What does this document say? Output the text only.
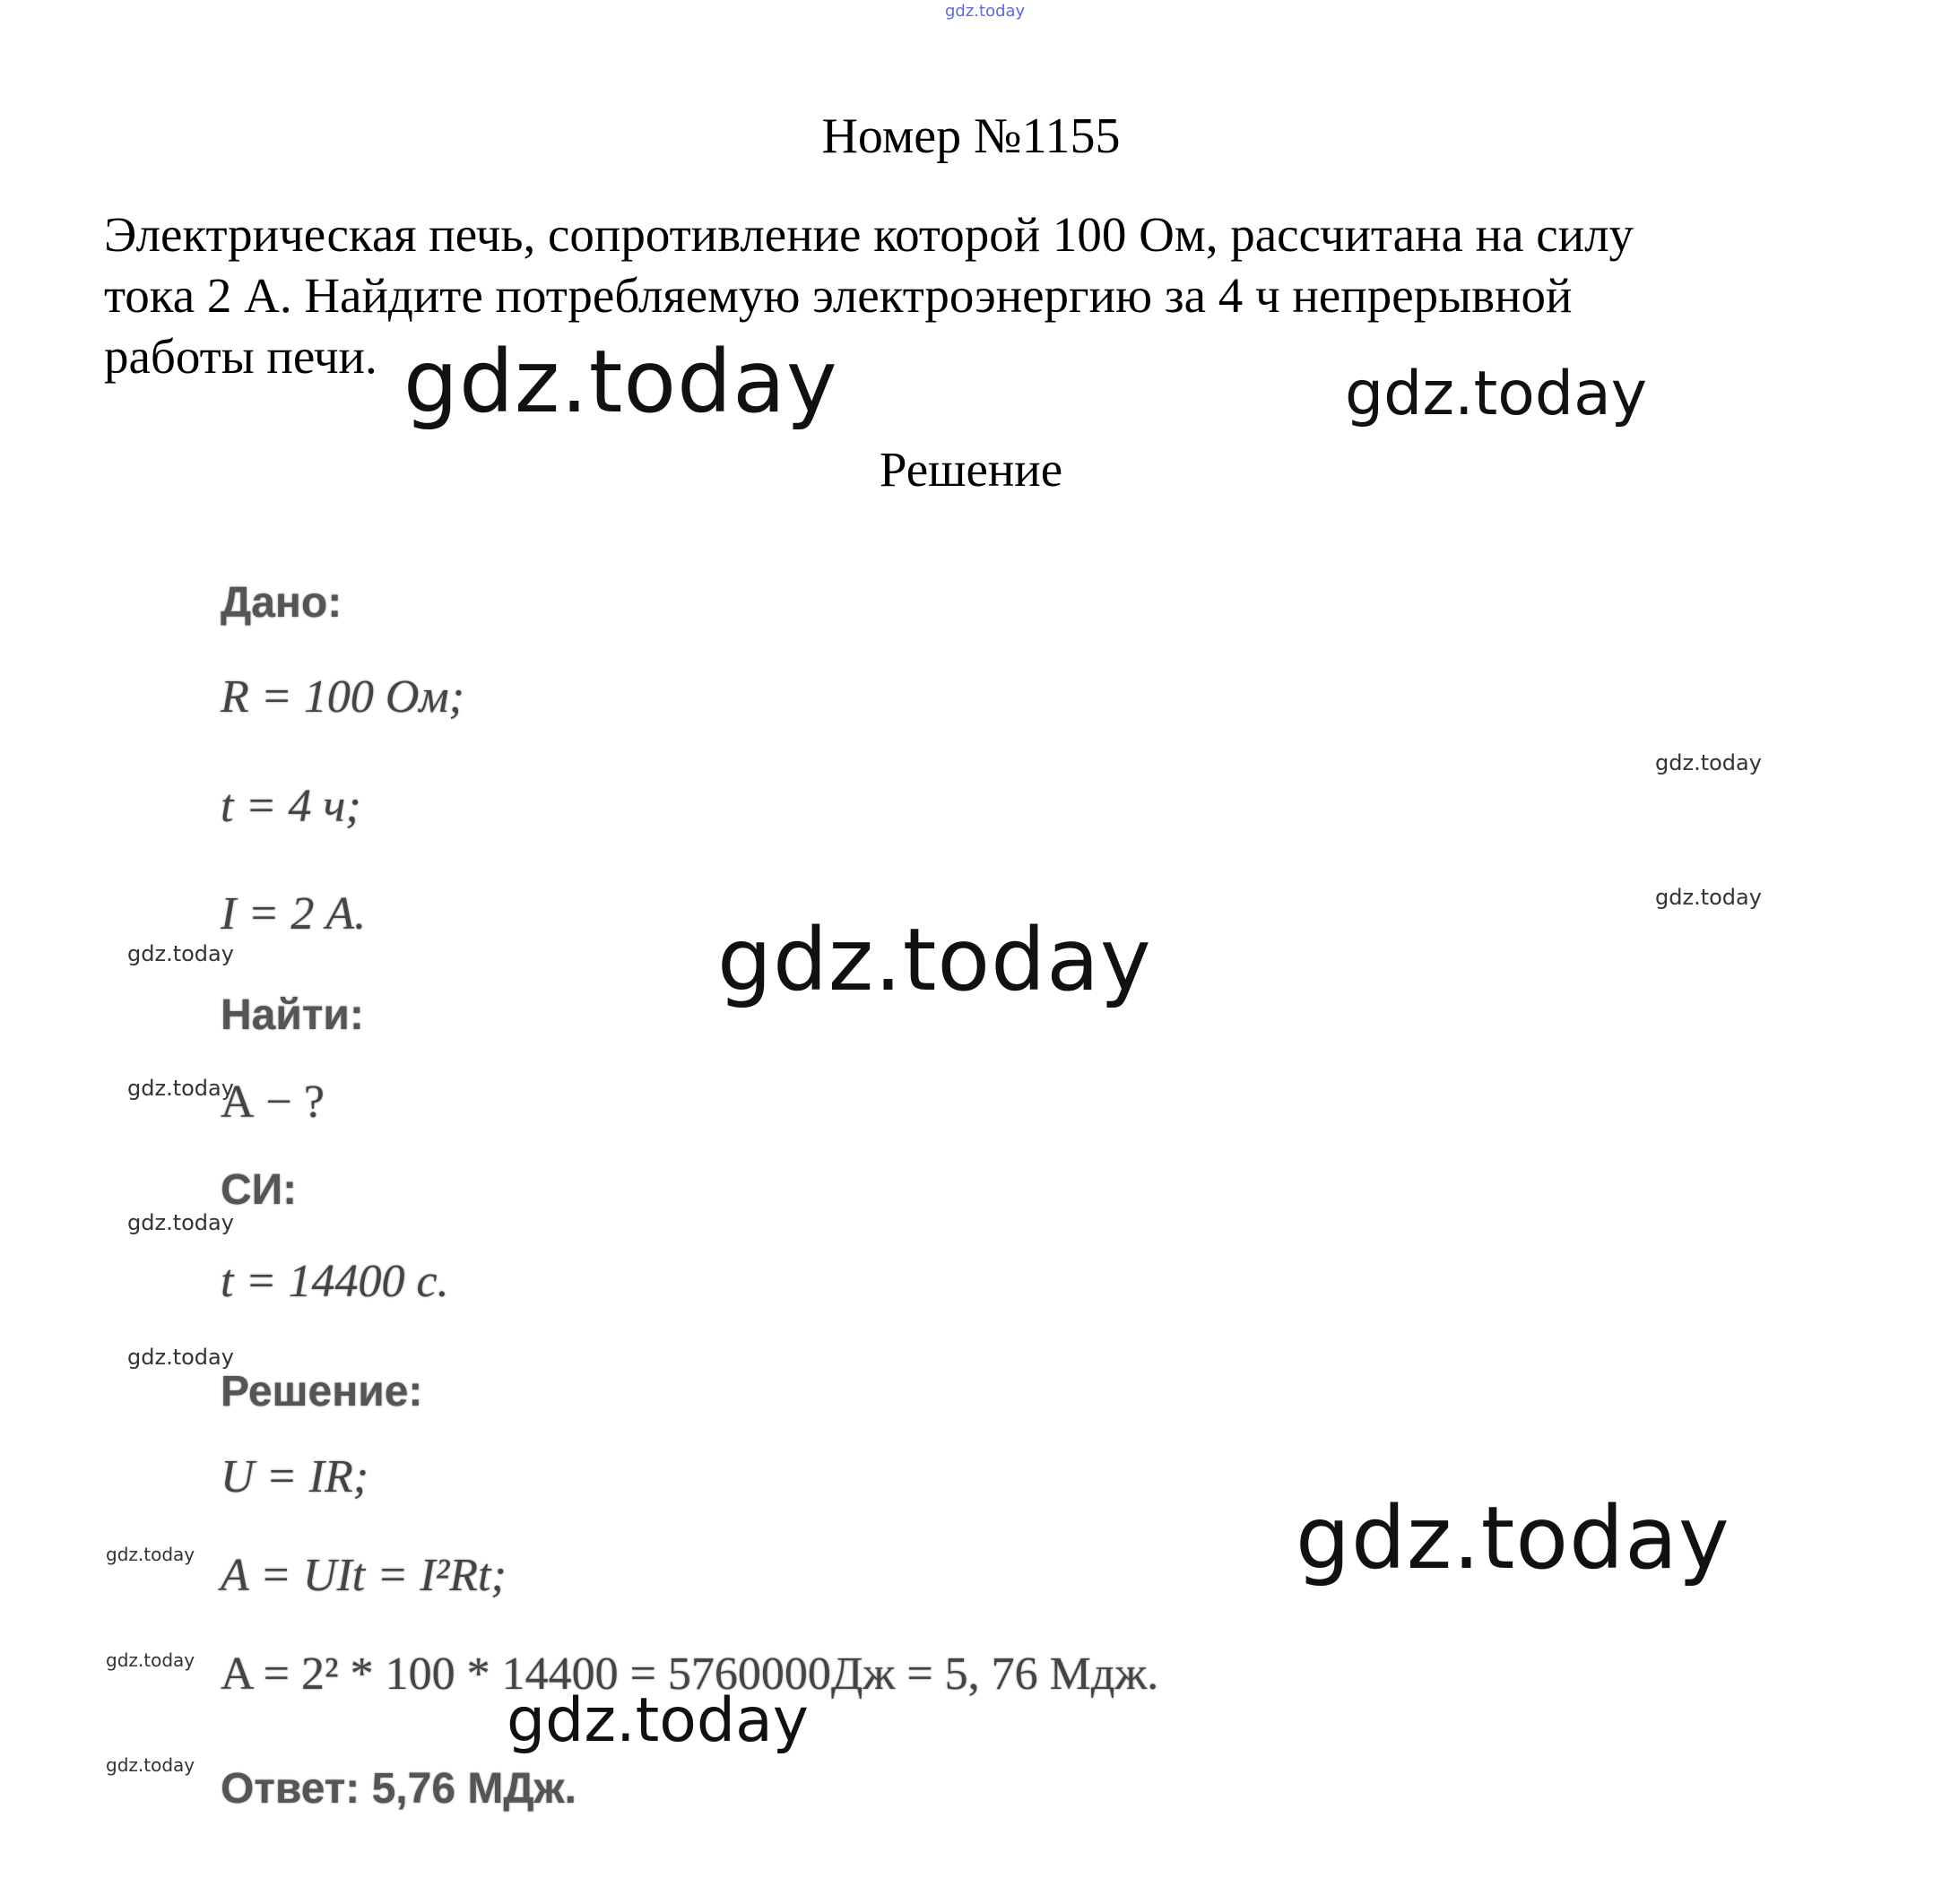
Номер №1155
Электрическая печь, сопротивление которой 100 Ом, рассчитана на силу
тока 2 А. Найдите потребляемую электроэнергию за 4 ч непрерывной
работы печи.
Решение
Дано:
R = 100 Ом;
t = 4 ч;
I = 2 А.
Найти:
А − ?
СИ:
t = 14400 с.
Решение:
U = IR;
A = UIt = I²Rt;
A = 2² * 100 * 14400 = 5760000Дж = 5, 76 Мдж.
Ответ: 5,76 МДж.
gdz.today
gdz.today	gdz.today
gdz.today
gdz.today
gdz.today	gdz.today
gdz.today
gdz.today
gdz.today
gdz.today	gdz.today
gdz.today
gdz.today
gdz.today
